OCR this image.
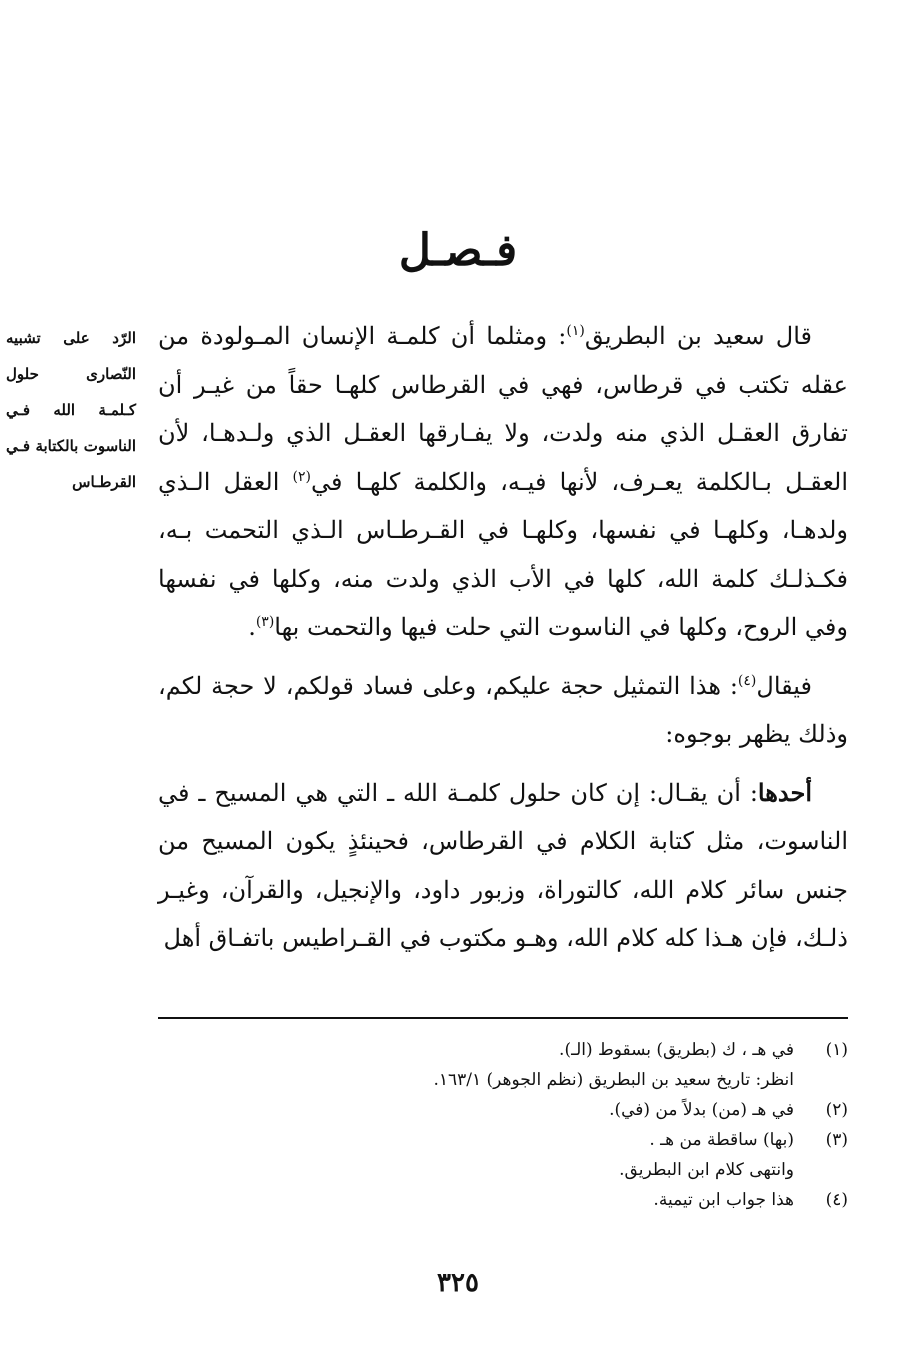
فـصـل
الرّد على تشبيه النّصارى حلول كـلمـة الله فـي الناسوت بالكتابة فـي القرطـاس

قال سعيد بن البطريق$^{(١)}$: ومثلما أن كلمـة الإنسان المـولودة من عقله تكتب في قرطاس، فهي في القرطاس كلهـا حقاً من غيـر أن تفارق العقـل الذي منه ولدت، ولا يفـارقها العقـل الذي ولـدهـا، لأن العقـل بـالكلمة يعـرف، لأنها فيـه، والكلمة كلهـا في$^{(٢)}$ العقل الـذي ولدهـا، وكلهـا في نفسها، وكلهـا في القـرطـاس الـذي التحمت بـه، فكـذلـك كلمة الله، كلها في الأب الذي ولدت منه، وكلها في نفسها وفي الروح، وكلها في الناسوت التي حلت فيها والتحمت بها$^{(٣)}$.

فيقال$^{(٤)}$: هذا التمثيل حجة عليكم، وعلى فساد قولكم، لا حجة لكم، وذلك يظهر بوجوه:

أحدها: أن يقـال: إن كان حلول كلمـة الله ـ التي هي المسيح ـ في الناسوت، مثل كتابة الكلام في القرطاس، فحينئذٍ يكون المسيح من جنس سائر كلام الله، كالتوراة، وزبور داود، والإنجيل، والقرآن، وغيـر ذلـك، فإن هـذا كله كلام الله، وهـو مكتوب في القـراطيس باتفـاق أهل

(١)
في هـ ، ك (بطريق) بسقوط (الـ).
انظر: تاريخ سعيد بن البطريق (نظم الجوهر) ١٦٣/١.
(٢)
في هـ (من) بدلاً من (في).
(٣)
(بها) ساقطة من هـ .
وانتهى كلام ابن البطريق.
(٤)
هذا جواب ابن تيمية.
٣٢٥
